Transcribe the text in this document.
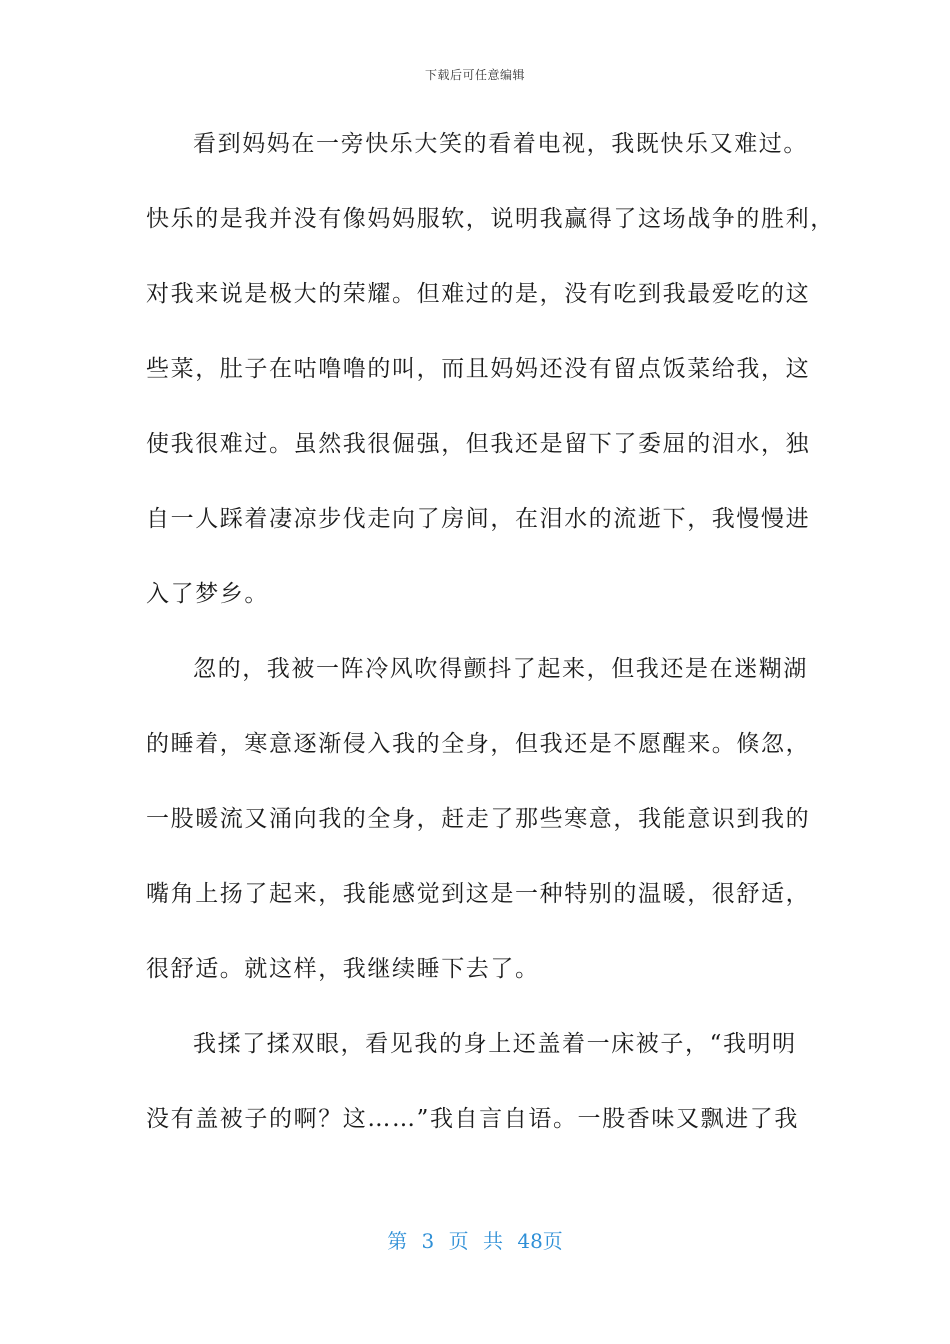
下载后可任意编辑
看到妈妈在一旁快乐大笑的看着电视，我既快乐又难过。
快乐的是我并没有像妈妈服软，说明我赢得了这场战争的胜利，
对我来说是极大的荣耀。但难过的是，没有吃到我最爱吃的这
些菜，肚子在咕噜噜的叫，而且妈妈还没有留点饭菜给我，这
使我很难过。虽然我很倔强，但我还是留下了委屈的泪水，独
自一人踩着凄凉步伐走向了房间，在泪水的流逝下，我慢慢进
入了梦乡。
忽的，我被一阵冷风吹得颤抖了起来，但我还是在迷糊湖
的睡着，寒意逐渐侵入我的全身，但我还是不愿醒来。倏忽，
一股暖流又涌向我的全身，赶走了那些寒意，我能意识到我的
嘴角上扬了起来，我能感觉到这是一种特别的温暖，很舒适，
很舒适。就这样，我继续睡下去了。
我揉了揉双眼，看见我的身上还盖着一床被子，“我明明
没有盖被子的啊？这……”我自言自语。一股香味又飘进了我
第 3 页 共 48页
